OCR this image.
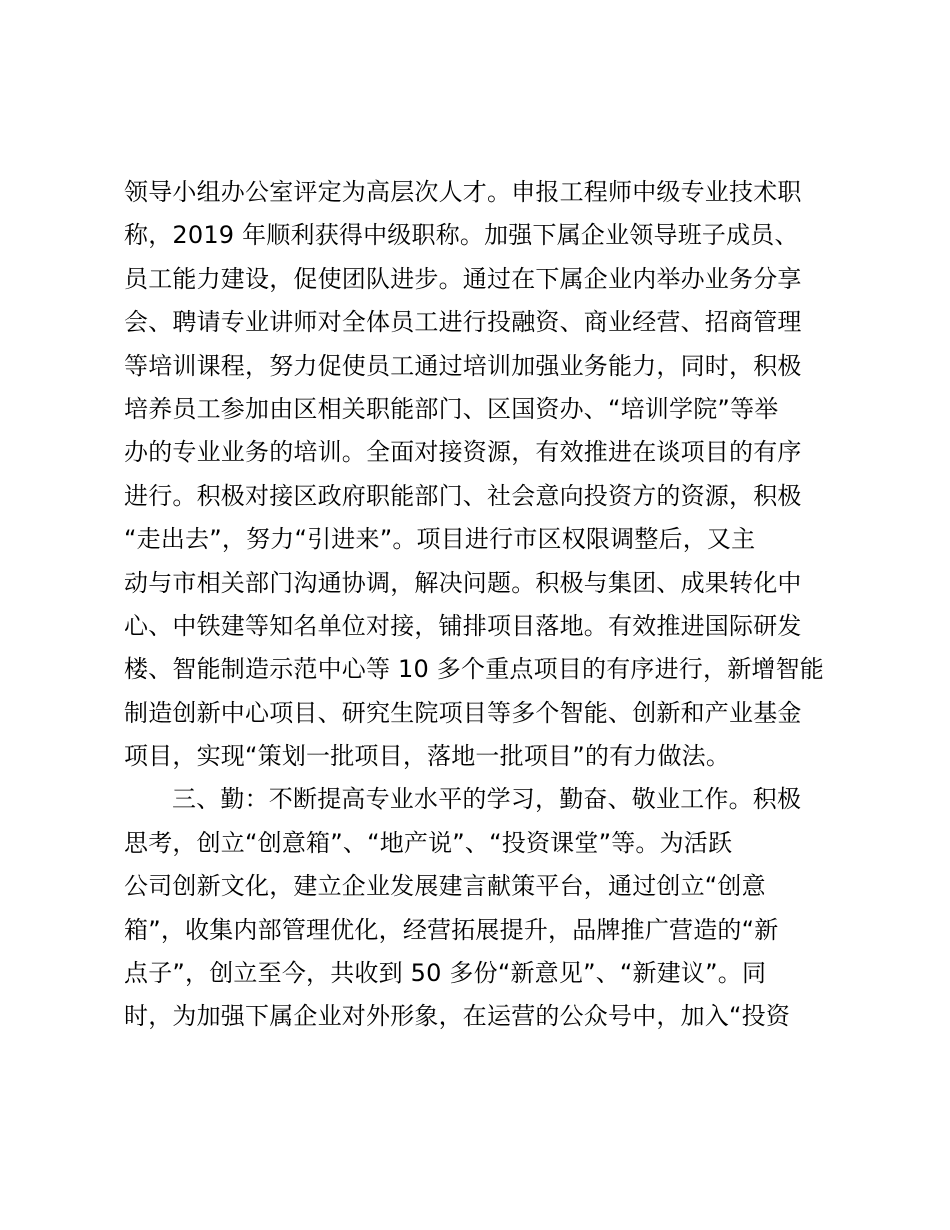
领导小组办公室评定为高层次人才。申报工程师中级专业技术职
称，2019 年顺利获得中级职称。加强下属企业领导班子成员、
员工能力建设，促使团队进步。通过在下属企业内举办业务分享
会、聘请专业讲师对全体员工进行投融资、商业经营、招商管理
等培训课程，努力促使员工通过培训加强业务能力，同时，积极
培养员工参加由区相关职能部门、区国资办、“培训学院”等举
办的专业业务的培训。全面对接资源，有效推进在谈项目的有序
进行。积极对接区政府职能部门、社会意向投资方的资源，积极
“走出去”，努力“引进来”。项目进行市区权限调整后，又主
动与市相关部门沟通协调，解决问题。积极与集团、成果转化中
心、中铁建等知名单位对接，铺排项目落地。有效推进国际研发
楼、智能制造示范中心等 10 多个重点项目的有序进行，新增智能
制造创新中心项目、研究生院项目等多个智能、创新和产业基金
项目，实现“策划一批项目，落地一批项目”的有力做法。
三、勤：不断提高专业水平的学习，勤奋、敬业工作。积极
思考，创立“创意箱”、“地产说”、“投资课堂”等。为活跃
公司创新文化，建立企业发展建言献策平台，通过创立“创意
箱”，收集内部管理优化，经营拓展提升，品牌推广营造的“新
点子”，创立至今，共收到 50 多份“新意见”、“新建议”。同
时，为加强下属企业对外形象，在运营的公众号中，加入“投资
